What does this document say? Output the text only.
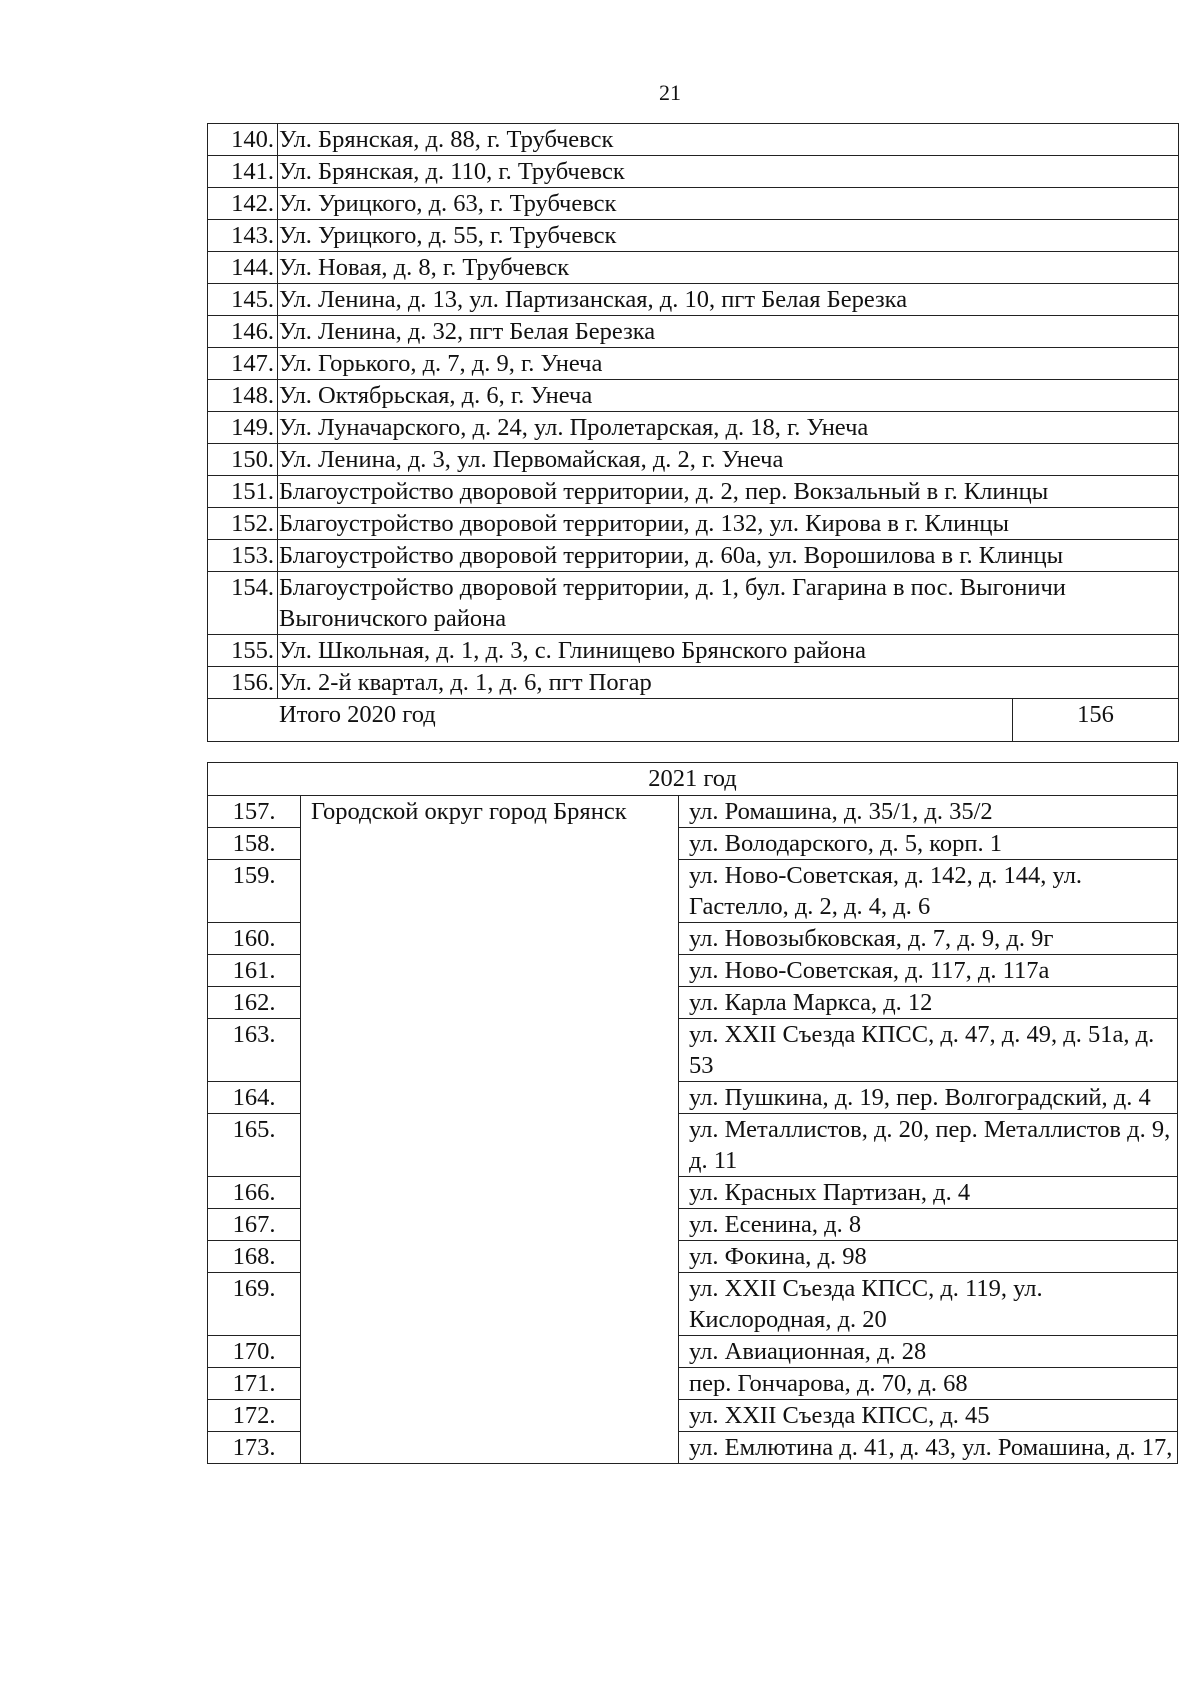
21
140.	Ул. Брянская, д. 88, г. Трубчевск	
141.	Ул. Брянская, д. 110, г. Трубчевск	
142.	Ул. Урицкого, д. 63, г. Трубчевск	
143.	Ул. Урицкого, д. 55, г. Трубчевск	
144.	Ул. Новая, д. 8, г. Трубчевск	
145.	Ул. Ленина, д. 13, ул. Партизанская, д. 10, пгт Белая Березка	
146.	Ул. Ленина, д. 32, пгт Белая Березка	
147.	Ул. Горького, д. 7, д. 9, г. Унеча	
148.	Ул. Октябрьская, д. 6, г. Унеча	
149.	Ул. Луначарского, д. 24, ул. Пролетарская, д. 18, г. Унеча	
150.	Ул. Ленина, д. 3, ул. Первомайская, д. 2, г. Унеча	
151.	Благоустройство дворовой территории, д. 2, пер. Вокзальный в г. Клинцы	
152.	Благоустройство дворовой территории, д. 132, ул. Кирова в г. Клинцы	
153.	Благоустройство дворовой территории, д. 60а, ул. Ворошилова в г. Клинцы	
154.	Благоустройство дворовой территории, д. 1, бул. Гагарина в пос. Выгоничи Выгоничского района	
155.	Ул. Школьная, д. 1, д. 3, с. Глинищево Брянского района	
156.	Ул. 2-й квартал, д. 1, д. 6, пгт Погар	
Итого 2020 год		156
2021 год		
157.	Городской округ город Брянск	ул. Ромашина, д. 35/1, д. 35/2
158.		ул. Володарского, д. 5, корп. 1
159.		ул. Ново-Советская, д. 142, д. 144, ул. Гастелло, д. 2, д. 4, д. 6
160.		ул. Новозыбковская, д. 7, д. 9, д. 9г
161.		ул. Ново-Советская, д. 117, д. 117а
162.		ул. Карла Маркса, д. 12
163.		ул. XXII Съезда КПСС, д. 47, д. 49, д. 51а, д. 53
164.		ул. Пушкина, д. 19, пер. Волгоградский, д. 4
165.		ул. Металлистов, д. 20, пер. Металлистов д. 9, д. 11
166.		ул. Красных Партизан, д. 4
167.		ул. Есенина, д. 8
168.		ул. Фокина, д. 98
169.		ул. XXII Съезда КПСС, д. 119, ул. Кислородная, д. 20
170.		ул. Авиационная, д. 28
171.		пер. Гончарова, д. 70, д. 68
172.		ул. XXII Съезда КПСС, д. 45
173.		ул. Емлютина д. 41, д. 43, ул. Ромашина, д. 17,
